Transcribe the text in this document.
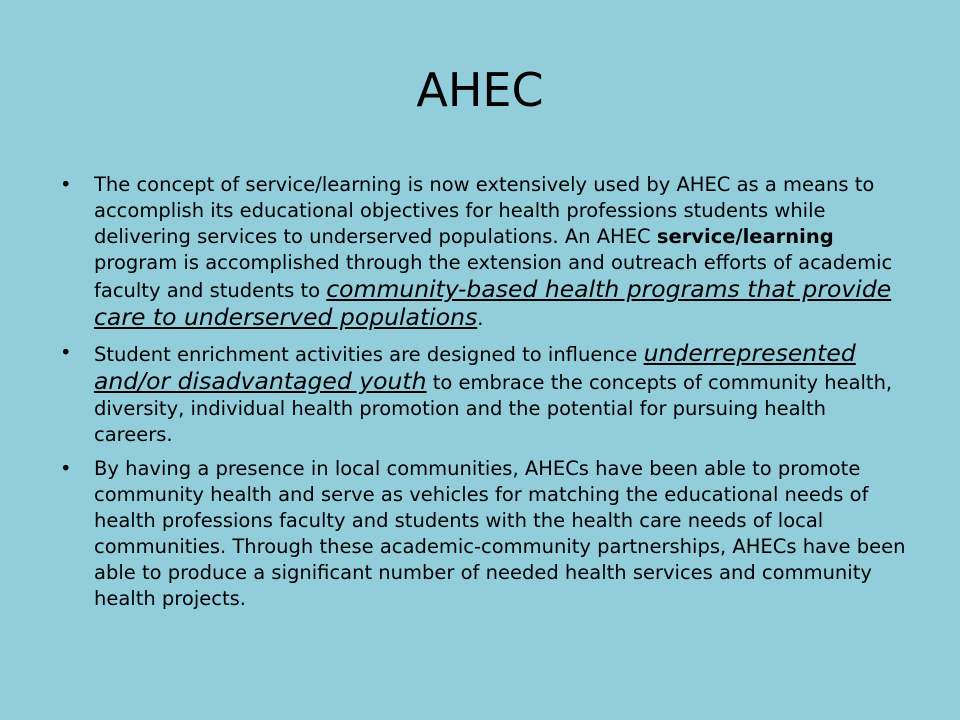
AHEC
• The concept of service/learning is now extensively used by AHEC as a means to accomplish its educational objectives for health professions students while delivering services to underserved populations. An AHEC service/learning program is accomplished through the extension and outreach efforts of academic faculty and students to community-based health programs that provide care to underserved populations.
• Student enrichment activities are designed to influence underrepresented and/or disadvantaged youth to embrace the concepts of community health, diversity, individual health promotion and the potential for pursuing health careers.
• By having a presence in local communities, AHECs have been able to promote community health and serve as vehicles for matching the educational needs of health professions faculty and students with the health care needs of local communities. Through these academic-community partnerships, AHECs have been able to produce a significant number of needed health services and community health projects.
